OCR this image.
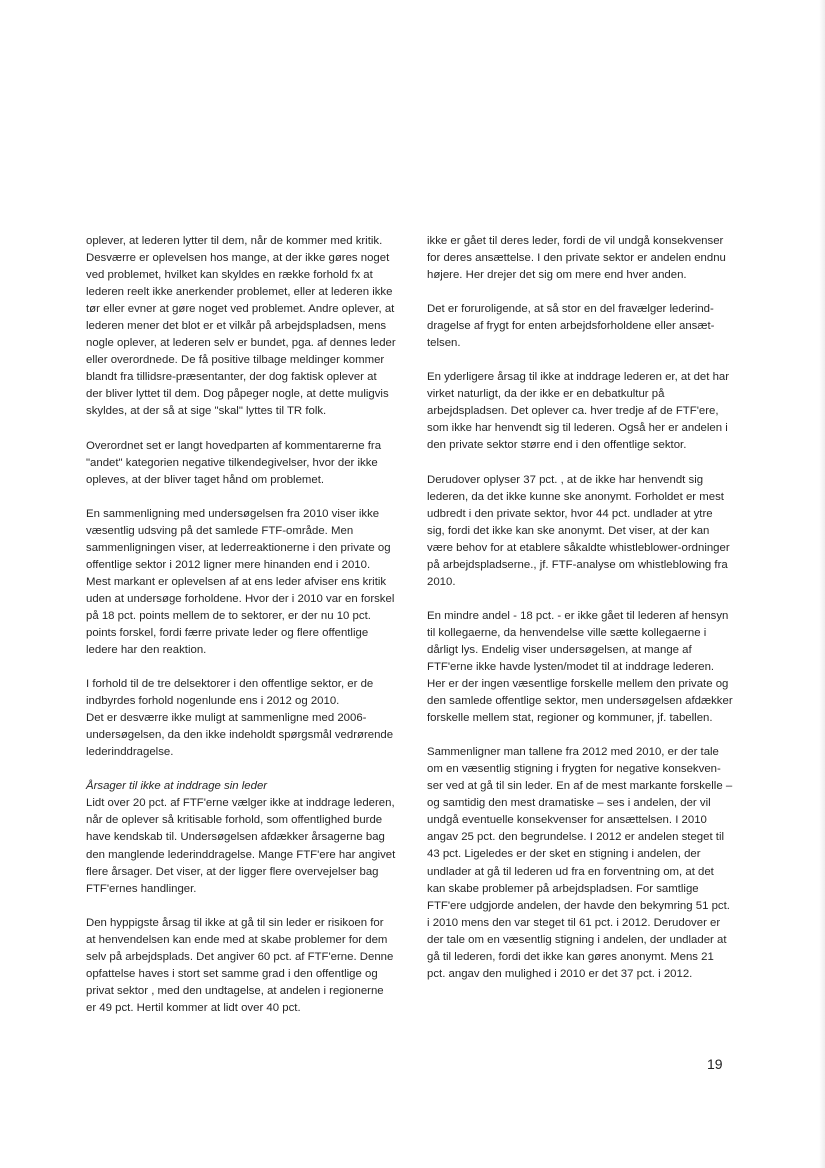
oplever, at lederen lytter til dem, når de kommer med kritik. Desværre er oplevelsen hos mange, at der ikke gøres noget ved problemet, hvilket kan skyldes en række forhold fx at lederen reelt ikke anerkender problemet, eller at lederen ikke tør eller evner at gøre noget ved problemet. Andre oplever, at lederen mener det blot er et vilkår på arbejdspladsen, mens nogle oplever, at lederen selv er bundet, pga. af dennes leder eller overordnede. De få positive tilbage meldinger kommer blandt fra tillidsre-præsentanter, der dog faktisk oplever at der bliver lyttet til dem. Dog påpeger nogle, at dette muligvis skyldes, at der så at sige "skal" lyttes til TR folk.

Overordnet set er langt hovedparten af kommentarerne fra "andet" kategorien negative tilkendegivelser, hvor der ikke opleves, at der bliver taget hånd om problemet.

En sammenligning med undersøgelsen fra 2010 viser ikke væsentlig udsving på det samlede FTF-område. Men sammenligningen viser, at lederreaktionerne i den private og offentlige sektor i 2012 ligner mere hinanden end i 2010. Mest markant er oplevelsen af at ens leder afviser ens kritik uden at undersøge forholdene. Hvor der i 2010 var en forskel på 18 pct. points mellem de to sektorer, er der nu 10 pct. points forskel, fordi færre private leder og flere offentlige ledere har den reaktion.

I forhold til de tre delsektorer i den offentlige sektor, er de indbyrdes forhold nogenlunde ens i 2012 og 2010.

Det er desværre ikke muligt at sammenligne med 2006-undersøgelsen, da den ikke indeholdt spørgsmål vedrørende lederinddragelse.

Årsager til ikke at inddrage sin leder

Lidt over 20 pct. af FTF'erne vælger ikke at inddrage lederen, når de oplever så kritisable forhold, som offentlighed burde have kendskab til. Undersøgelsen afdækker årsagerne bag den manglende lederinddragelse. Mange FTF'ere har angivet flere årsager. Det viser, at der ligger flere overvejelser bag FTF'ernes handlinger.

Den hyppigste årsag til ikke at gå til sin leder er risikoen for at henvendelsen kan ende med at skabe problemer for dem selv på arbejdsplads. Det angiver 60 pct. af FTF'erne. Denne opfattelse haves i stort set samme grad i den offentlige og privat sektor , med den undtagelse, at andelen i regionerne er 49 pct. Hertil kommer at lidt over 40 pct.

ikke er gået til deres leder, fordi de vil undgå konsekvenser for deres ansættelse. I den private sektor er andelen endnu højere. Her drejer det sig om mere end hver anden.

Det er foruroligende, at så stor en del fravælger lederind-dragelse af frygt for enten arbejdsforholdene eller ansæt-telsen.

En yderligere årsag til ikke at inddrage lederen er, at det har virket naturligt, da der ikke er en debatkultur på arbejdspladsen. Det oplever ca. hver tredje af de FTF'ere, som ikke har henvendt sig til lederen. Også her er andelen i den private sektor større end i den offentlige sektor.

Derudover oplyser 37 pct. , at de ikke har henvendt sig lederen, da det ikke kunne ske anonymt. Forholdet er mest udbredt i den private sektor, hvor 44 pct. undlader at ytre sig, fordi det ikke kan ske anonymt. Det viser, at der kan være behov for at etablere såkaldte whistleblower-ordninger på arbejdspladserne., jf. FTF-analyse om whistleblowing fra 2010.

En mindre andel - 18 pct. - er ikke gået til lederen af hensyn til kollegaerne, da henvendelse ville sætte kollegaerne i dårligt lys. Endelig viser undersøgelsen, at mange af FTF'erne ikke havde lysten/modet til at inddrage lederen. Her er der ingen væsentlige forskelle mellem den private og den samlede offentlige sektor, men undersøgelsen afdækker forskelle mellem stat, regioner og kommuner, jf. tabellen.

Sammenligner man tallene fra 2012 med 2010, er der tale om en væsentlig stigning i frygten for negative konsekven-ser ved at gå til sin leder. En af de mest markante forskelle – og samtidig den mest dramatiske – ses i andelen, der vil undgå eventuelle konsekvenser for ansættelsen. I 2010 angav 25 pct. den begrundelse. I 2012 er andelen steget til 43 pct. Ligeledes er der sket en stigning i andelen, der undlader at gå til lederen ud fra en forventning om, at det kan skabe problemer på arbejdspladsen. For samtlige FTF'ere udgjorde andelen, der havde den bekymring 51 pct. i 2010 mens den var steget til 61 pct. i 2012. Derudover er der tale om en væsentlig stigning i andelen, der undlader at gå til lederen, fordi det ikke kan gøres anonymt. Mens 21 pct. angav den mulighed i 2010 er det 37 pct. i 2012.

19
